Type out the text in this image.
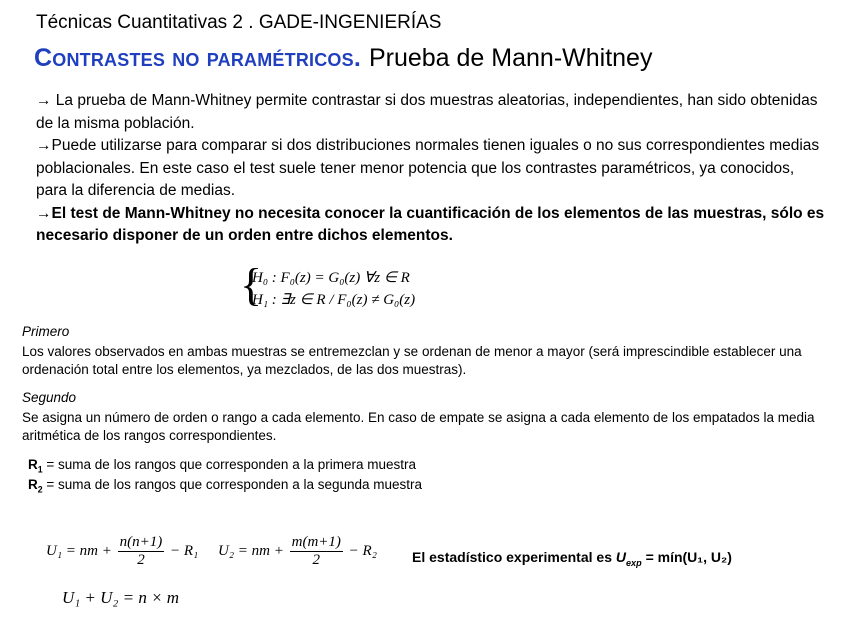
Técnicas Cuantitativas 2 . GADE-INGENIERÍAS
Contrastes no paramétricos. Prueba de Mann-Whitney

→ La prueba de Mann-Whitney permite contrastar si dos muestras aleatorias, independientes, han sido obtenidas de la misma población.

→Puede utilizarse para comparar si dos distribuciones normales tienen iguales o no sus correspondientes medias poblacionales. En este caso el test suele tener menor potencia que los contrastes paramétricos, ya conocidos, para la diferencia de medias.

→El test de Mann-Whitney no necesita conocer la cuantificación de los elementos de las muestras, sólo es necesario disponer de un orden entre dichos elementos.

{
H₀ : F₀(z) = G₀(z) ∀z ∈ R
H₁ : ∃z ∈ R / F₀(z) ≠ G₀(z)
Primero
Los valores observados en ambas muestras se entremezclan y se ordenan de menor a mayor (será imprescindible establecer una ordenación total entre los elementos, ya mezclados, de las dos muestras).
Segundo
Se asigna un número de orden o rango a cada elemento. En caso de empate se asigna a cada elemento de los empatados la media aritmética de los rangos correspondientes.
$R_1$ = suma de los rangos que corresponden a la primera muestra
$R_2$ = suma de los rangos que corresponden a la segunda muestra
U₁ = nm + $\frac{n(n+1)}{2} - R_1$ U₂ = nm + $\frac{m(m+1)}{2} - R_2$	El estadístico experimental es $U_{exp}$ = mín(U₁, U₂)
U₁ + U₂ = n × m
